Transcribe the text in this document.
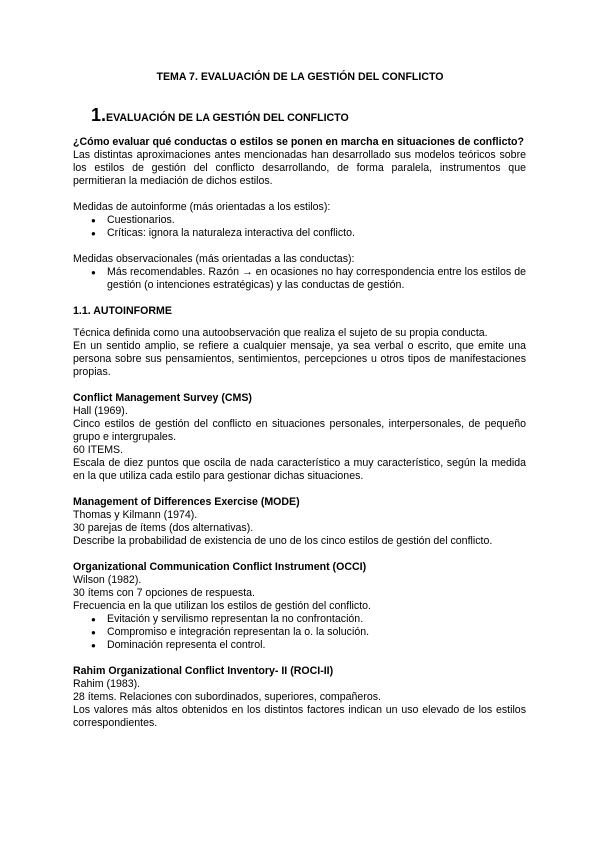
TEMA 7. EVALUACIÓN DE LA GESTIÓN DEL CONFLICTO
1. EVALUACIÓN DE LA GESTIÓN DEL CONFLICTO

¿Cómo evaluar qué conductas o estilos se ponen en marcha en situaciones de conflicto?

Las distintas aproximaciones antes mencionadas han desarrollado sus modelos teóricos sobre los estilos de gestión del conflicto desarrollando, de forma paralela, instrumentos que permitieran la mediación de dichos estilos.

Medidas de autoinforme (más orientadas a los estilos):

● Cuestionarios.
● Críticas: ignora la naturaleza interactiva del conflicto.

Medidas observacionales (más orientadas a las conductas):

● Más recomendables. Razón → en ocasiones no hay correspondencia entre los estilos de gestión (o intenciones estratégicas) y las conductas de gestión.
1.1. AUTOINFORME

Técnica definida como una autoobservación que realiza el sujeto de su propia conducta.

En un sentido amplio, se refiere a cualquier mensaje, ya sea verbal o escrito, que emite una persona sobre sus pensamientos, sentimientos, percepciones u otros tipos de manifestaciones propias.

Conflict Management Survey (CMS)

Hall (1969).

Cinco estilos de gestión del conflicto en situaciones personales, interpersonales, de pequeño grupo e intergrupales.

60 ITEMS.

Escala de diez puntos que oscila de nada característico a muy característico, según la medida en la que utiliza cada estilo para gestionar dichas situaciones.

Management of Differences Exercise (MODE)

Thomas y Kilmann (1974).

30 parejas de ítems (dos alternativas).

Describe la probabilidad de existencia de uno de los cinco estilos de gestión del conflicto.

Organizational Communication Conflict Instrument (OCCI)

Wilson (1982).

30 ítems con 7 opciones de respuesta.

Frecuencia en la que utilizan los estilos de gestión del conflicto.

● Evitación y servilismo representan la no confrontación.
● Compromiso e integración representan la o. la solución.
● Dominación representa el control.

Rahim Organizational Conflict Inventory- II (ROCI-II)

Rahim (1983).

28 ítems. Relaciones con subordinados, superiores, compañeros.

Los valores más altos obtenidos en los distintos factores indican un uso elevado de los estilos correspondientes.
